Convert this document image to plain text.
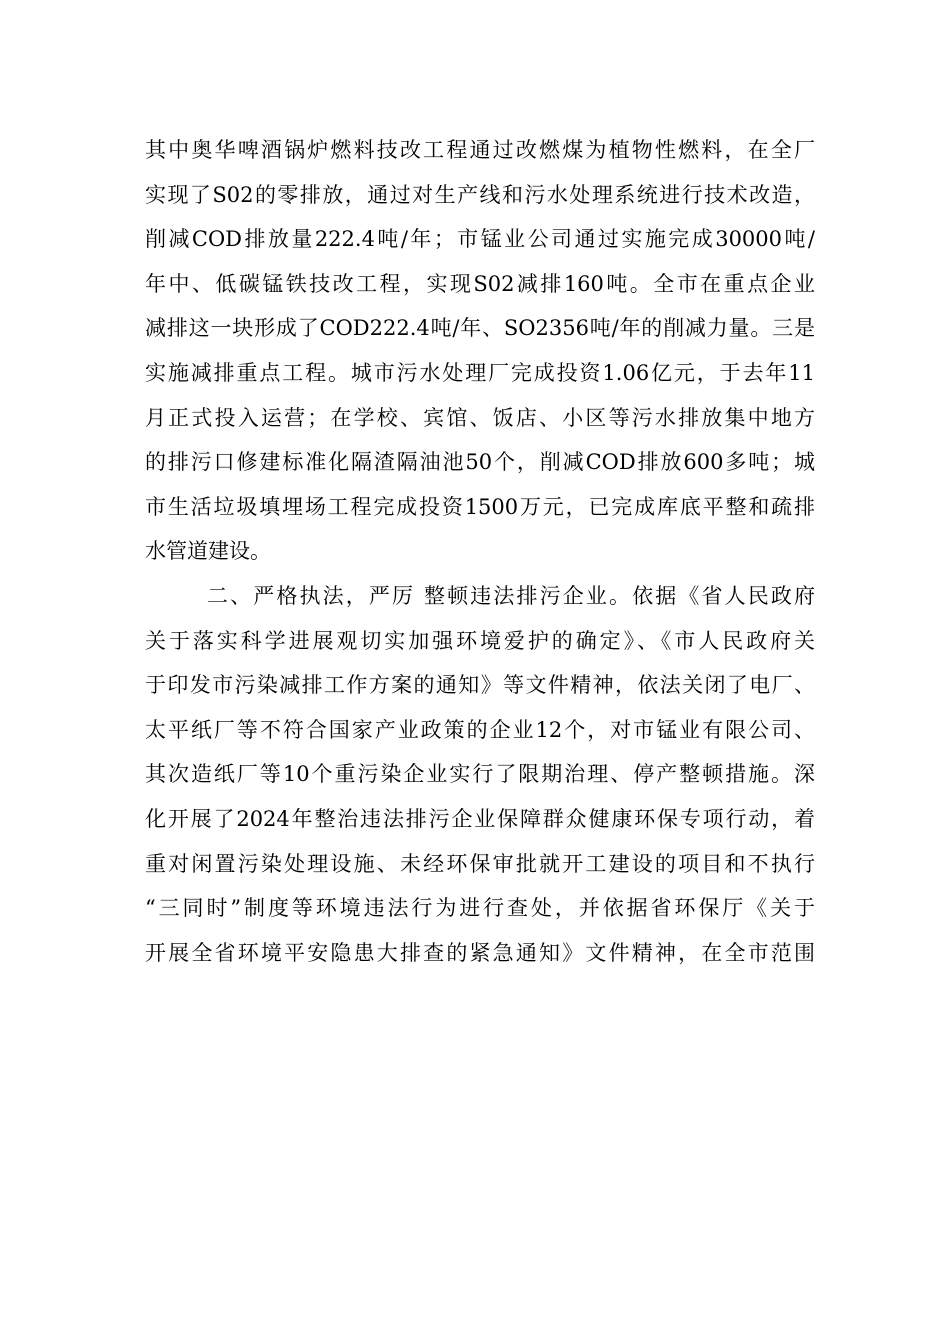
其中奥华啤酒锅炉燃料技改工程通过改燃煤为植物性燃料，在全厂
实现了S02的零排放，通过对生产线和污水处理系统进行技术改造，
削减COD排放量222.4吨/年；市锰业公司通过实施完成30000吨/
年中、低碳锰铁技改工程，实现S02减排160吨。全市在重点企业
减排这一块形成了COD222.4吨/年、SO2356吨/年的削减力量。三是
实施减排重点工程。城市污水处理厂完成投资1.06亿元，于去年11
月正式投入运营；在学校、宾馆、饭店、小区等污水排放集中地方
的排污口修建标准化隔渣隔油池50个，削减COD排放600多吨；城
市生活垃圾填埋场工程完成投资1500万元，已完成库底平整和疏排
水管道建设。
二、严格执法，严厉 整顿违法排污企业。依据《省人民政府
关于落实科学进展观切实加强环境爱护的确定》、《市人民政府关
于印发市污染减排工作方案的通知》等文件精神，依法关闭了电厂、
太平纸厂等不符合国家产业政策的企业12个，对市锰业有限公司、
其次造纸厂等10个重污染企业实行了限期治理、停产整顿措施。深
化开展了2024年整治违法排污企业保障群众健康环保专项行动，着
重对闲置污染处理设施、未经环保审批就开工建设的项目和不执行
“三同时”制度等环境违法行为进行查处，并依据省环保厅《关于
开展全省环境平安隐患大排查的紧急通知》文件精神，在全市范围
